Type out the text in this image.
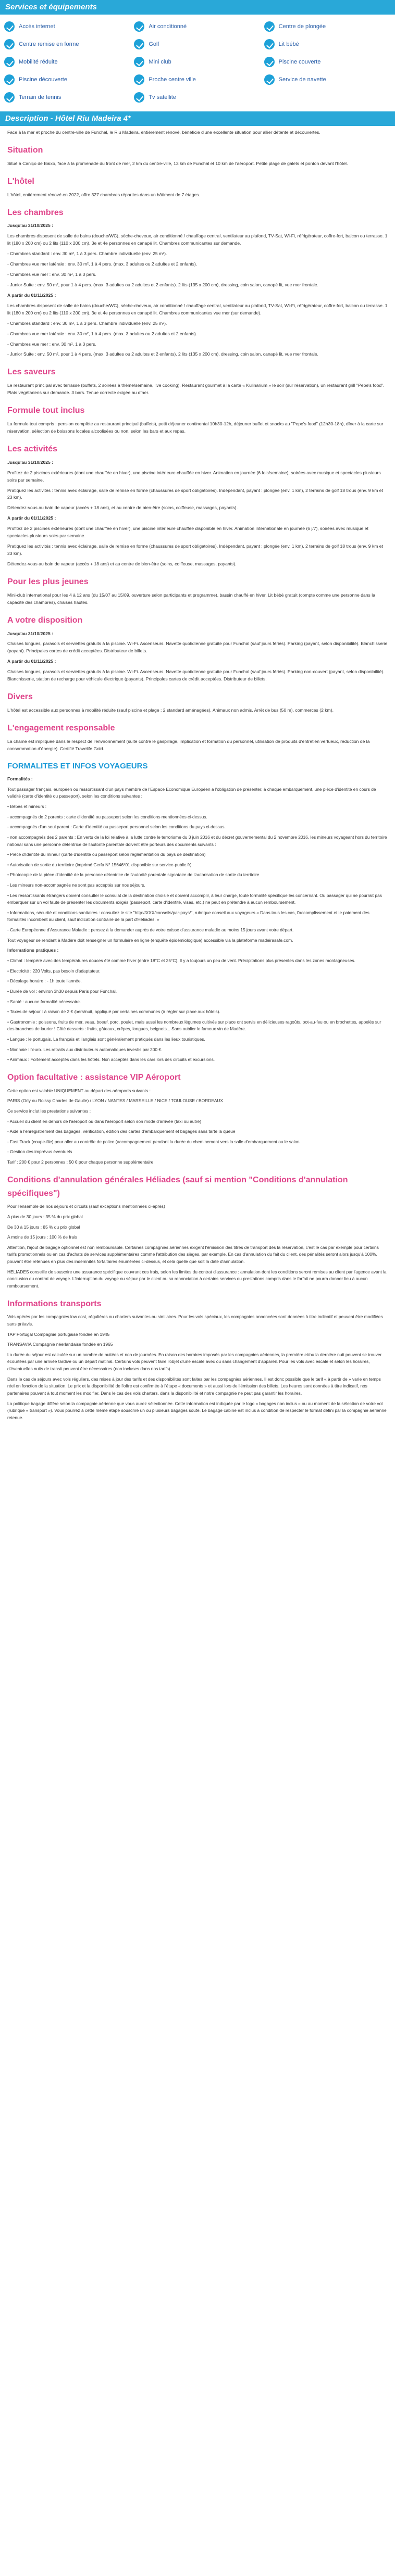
Services et équipements
Accès internet	Air conditionné	Centre de plongée
Centre remise en forme	Golf	Lit bébé
Mobilité réduite	Mini club	Piscine couverte
Piscine découverte	Proche centre ville	Service de navette
Terrain de tennis	Tv satellite
Description - Hôtel Riu Madeira 4*

Face à la mer et proche du centre-ville de Funchal, le Riu Madeira, entièrement rénové, bénéficie d'une excellente situation pour allier détente et découvertes.

Situation

Situé à Caniço de Baixo, face à la promenade du front de mer, 2 km du centre-ville, 13 km de Funchal et 10 km de l'aéroport. Petite plage de galets et ponton devant l'hôtel.

L'hôtel

L'hôtel, entièrement rénové en 2022, offre 327 chambres réparties dans un bâtiment de 7 étages.

Les chambres

Jusqu'au 31/10/2025 :

Les chambres disposent de salle de bains (douche/WC), sèche-cheveux, air conditionné / chauffage central, ventilateur au plafond, TV-Sat, Wi-Fi, réfrigérateur, coffre-fort, balcon ou terrasse. 1 lit (180 x 200 cm) ou 2 lits (110 x 200 cm). 3e et 4e personnes en canapé lit. Chambres communicantes sur demande.

- Chambres standard : env. 30 m², 1 à 3 pers. Chambre individuelle (env. 25 m²).

- Chambres vue mer latérale : env. 30 m², 1 à 4 pers. (max. 3 adultes ou 2 adultes et 2 enfants).

- Chambres vue mer : env. 30 m², 1 à 3 pers.

- Junior Suite : env. 50 m², pour 1 à 4 pers. (max. 3 adultes ou 2 adultes et 2 enfants). 2 lits (135 x 200 cm), dressing, coin salon, canapé lit, vue mer frontale.

A partir du 01/11/2025 :

Les chambres disposent de salle de bains (douche/WC), sèche-cheveux, air conditionné / chauffage central, ventilateur au plafond, TV-Sat, Wi-Fi, réfrigérateur, coffre-fort, balcon ou terrasse. 1 lit (180 x 200 cm) ou 2 lits (110 x 200 cm). 3e et 4e personnes en canapé lit. Chambres communicantes vue mer (sur demande).

- Chambres standard : env. 30 m², 1 à 3 pers. Chambre individuelle (env. 25 m²).

- Chambres vue mer latérale : env. 30 m², 1 à 4 pers. (max. 3 adultes ou 2 adultes et 2 enfants).

- Chambres vue mer : env. 30 m², 1 à 3 pers.

- Junior Suite : env. 50 m², pour 1 à 4 pers. (max. 3 adultes ou 2 adultes et 2 enfants). 2 lits (135 x 200 cm), dressing, coin salon, canapé lit, vue mer frontale.

Les saveurs

Le restaurant principal avec terrasse (buffets, 2 soirées à thème/semaine, live cooking). Restaurant gourmet à la carte « Kulinarium » le soir (sur réservation), un restaurant grill "Pepe's food". Plats végétariens sur demande. 3 bars. Tenue correcte exigée au dîner.

Formule tout inclus

La formule tout compris : pension complète au restaurant principal (buffets), petit déjeuner continental 10h30-12h, déjeuner buffet et snacks au "Pepe's food" (12h30-18h), dîner à la carte sur réservation, sélection de boissons locales alcoolisées ou non, selon les bars et aux repas.

Les activités

Jusqu'au 31/10/2025 :

Profitez de 2 piscines extérieures (dont une chauffée en hiver), une piscine intérieure chauffée en hiver. Animation en journée (6 fois/semaine), soirées avec musique et spectacles plusieurs soirs par semaine.

Pratiquez les activités : tennis avec éclairage, salle de remise en forme (chaussures de sport obligatoires). Indépendant, payant : plongée (env. 1 km), 2 terrains de golf 18 trous (env. 9 km et 23 km).

Détendez-vous au bain de vapeur (accès + 18 ans), et au centre de bien-être (soins, coiffeuse, massages, payants).

A partir du 01/11/2025 :

Profitez de 2 piscines extérieures (dont une chauffée en hiver), une piscine intérieure chauffée disponible en hiver. Animation internationale en journée (6 j/7), soirées avec musique et spectacles plusieurs soirs par semaine.

Pratiquez les activités : tennis avec éclairage, salle de remise en forme (chaussures de sport obligatoires). Indépendant, payant : plongée (env. 1 km), 2 terrains de golf 18 trous (env. 9 km et 23 km).

Détendez-vous au bain de vapeur (accès + 18 ans) et au centre de bien-être (soins, coiffeuse, massages, payants).

Pour les plus jeunes

Mini-club international pour les 4 à 12 ans (du 15/07 au 15/09, ouverture selon participants et programme), bassin chauffé en hiver. Lit bébé gratuit (compte comme une personne dans la capacité des chambres), chaises hautes.

A votre disposition

Jusqu'au 31/10/2025 :

Chaises longues, parasols et serviettes gratuits à la piscine. Wi-Fi. Ascenseurs. Navette quotidienne gratuite pour Funchal (sauf jours fériés). Parking (payant, selon disponibilité). Blanchisserie (payant). Principales cartes de crédit acceptées. Distributeur de billets.

A partir du 01/11/2025 :

Chaises longues, parasols et serviettes gratuits à la piscine. Wi-Fi. Ascenseurs. Navette quotidienne gratuite pour Funchal (sauf jours fériés). Parking non-couvert (payant, selon disponibilité). Blanchisserie, station de recharge pour véhicule électrique (payants). Principales cartes de crédit acceptées. Distributeur de billets.

Divers

L'hôtel est accessible aux personnes à mobilité réduite (sauf piscine et plage : 2 standard aménagées). Animaux non admis. Arrêt de bus (50 m), commerces (2 km).

L'engagement responsable

La chaîne est impliquée dans le respect de l'environnement (suite contre le gaspillage, implication et formation du personnel, utilisation de produits d'entretien vertueux, réduction de la consommation d'énergie). Certifié Travelife Gold.

FORMALITES ET INFOS VOYAGEURS

Formalités :

Tout passager français, européen ou ressortissant d'un pays membre de l'Espace Economique Européen a l'obligation de présenter, à chaque embarquement, une pièce d'identité en cours de validité (carte d'identité ou passeport), selon les conditions suivantes :

• Bébés et mineurs :

- accompagnés de 2 parents : carte d'identité ou passeport selon les conditions mentionnées ci-dessus.

- accompagnés d'un seul parent : Carte d'identité ou passeport personnel selon les conditions du pays ci-dessus.

- non accompagnés des 2 parents : En vertu de la loi relative à la lutte contre le terrorisme du 3 juin 2016 et du décret gouvernemental du 2 novembre 2016, les mineurs voyageant hors du territoire national sans une personne détentrice de l'autorité parentale doivent être porteurs des documents suivants :

• Pièce d'identité du mineur (carte d'identité ou passeport selon réglementation du pays de destination)

• Autorisation de sortie du territoire (imprimé Cerfa N° 15646*01 disponible sur service-public.fr)

• Photocopie de la pièce d'identité de la personne détentrice de l'autorité parentale signataire de l'autorisation de sortie du territoire

- Les mineurs non-accompagnés ne sont pas acceptés sur nos séjours.

• Les ressortissants étrangers doivent consulter le consulat de la destination choisie et doivent accomplir, à leur charge, toute formalité spécifique les concernant. Ou passager qui ne pourrait pas embarquer sur un vol faute de présenter les documents exigés (passeport, carte d'identité, visas, etc.) ne peut en prétendre à aucun remboursement.

• Informations, sécurité et conditions sanitaires : consultez le site "http://XXX/conseils/par-pays/", rubrique conseil aux voyageurs « Dans tous les cas, l'accomplissement et le paiement des formalités incombent au client, sauf indication contraire de la part d'Héliades. »

- Carte Européenne d'Assurance Maladie : pensez à la demander auprès de votre caisse d'assurance maladie au moins 15 jours avant votre départ.

Tout voyageur se rendant à Madère doit renseigner un formulaire en ligne (enquête épidémiologique) accessible via la plateforme madeirasafe.com.

Informations pratiques :

• Climat : tempéré avec des températures douces été comme hiver (entre 18°C et 25°C). Il y a toujours un peu de vent. Précipitations plus présentes dans les zones montagneuses.

• Electricité : 220 Volts, pas besoin d'adaptateur.

• Décalage horaire : - 1h toute l'année.

• Durée de vol : environ 3h30 depuis Paris pour Funchal.

• Santé : aucune formalité nécessaire.

• Taxes de séjour : à raison de 2 € /pers/nuit, appliqué par certaines communes (à régler sur place aux hôtels).

• Gastronomie : poissons, fruits de mer, veau, boeuf, porc, poulet, mais aussi les nombreux légumes cultivés sur place ont servis en délicieuses ragoûts, pot-au-feu ou en brochettes, appelés sur des branches de laurier ! Côté desserts : fruits, gâteaux, crêpes, longues, beignets... Sans oublier le fameux vin de Madère.

• Langue : le portugais. La français et l'anglais sont généralement pratiqués dans les lieux touristiques.

• Monnaie : l'euro. Les retraits aux distributeurs automatiques investis par 200 €.

• Animaux : Fortement acceptés dans les hôtels. Non acceptés dans les cars lors des circuits et excursions.

Option facultative : assistance VIP Aéroport

Cette option est valable UNIQUEMENT au départ des aéroports suivants :

PARIS (Orly ou Roissy Charles de Gaulle) / LYON / NANTES / MARSEILLE / NICE / TOULOUSE / BORDEAUX

Ce service inclut les prestations suivantes :

- Accueil du client en dehors de l'aéroport ou dans l'aéroport selon son mode d'arrivée (taxi ou autre)

- Aide à l'enregistrement des bagages, vérification, édition des cartes d'embarquement et bagages sans tarte la queue

- Fast Track (coupe-file) pour aller au contrôle de police (accompagnement pendant la durée du cheminement vers la salle d'embarquement ou le salon

- Gestion des imprévus éventuels

Tarif : 200 € pour 2 personnes ; 50 € pour chaque personne supplémentaire

Conditions d'annulation générales Héliades (sauf si mention "Conditions d'annulation spécifiques")

Pour l'ensemble de nos séjours et circuits (sauf exceptions mentionnées ci-après)

A plus de 30 jours : 35 % du prix global

De 30 à 15 jours : 85 % du prix global

A moins de 15 jours : 100 % de frais

Attention, l'ajout de bagage optionnel est non remboursable. Certaines compagnies aériennes exigent l'émission des titres de transport dès la réservation, c'est le cas par exemple pour certains tarifs promotionnels ou en cas d'achats de services supplémentaires comme l'attribution des sièges, par exemple. En cas d'annulation du fait du client, des pénalités seront alors jusqu'à 100%, pouvant être retenues en plus des indemnités forfaitaires énumérées ci-dessus, et cela quelle que soit la date d'annulation.

HELIADES conseille de souscrire une assurance spécifique couvrant ces frais, selon les limites du contrat d'assurance : annulation dont les conditions seront remises au client par l'agence avant la conclusion du contrat de voyage. L'interruption du voyage ou séjour par le client ou sa renonciation à certains services ou prestations compris dans le forfait ne pourra donner lieu à aucun remboursement.

Informations transports

Vols opérés par les compagnies low cost, régulières ou charters suivantes ou similaires. Pour les vols spéciaux, les compagnies annoncées sont données à titre indicatif et peuvent être modifiées sans préavis.

TAP Portugal Compagnie portugaise fondée en 1945

TRANSAVIA Compagnie néerlandaise fondée en 1965

La durée du séjour est calculée sur un nombre de nuitées et non de journées. En raison des horaires imposés par les compagnies aériennes, la première et/ou la dernière nuit peuvent se trouver écourtées par une arrivée tardive ou un départ matinal. Certains vols peuvent faire l'objet d'une escale avec ou sans changement d'appareil. Pour les vols avec escale et selon les horaires, d'éventuelles nuits de transit peuvent être nécessaires (non incluses dans nos tarifs).

Dans le cas de séjours avec vols réguliers, des mises à jour des tarifs et des disponibilités sont faites par les compagnies aériennes. Il est donc possible que le tarif « à partir de » varie en temps réel en fonction de la situation. Le prix et la disponibilité de l'offre est confirmée à l'étape « documents » et aussi lors de l'émission des billets. Les heures sont données à titre indicatif, nos partenaires pouvant à tout moment les modifier. Dans le cas des vols charters, dans la disponibilité et notre compagnie ne peut pas garantir les horaires.

La politique bagage diffère selon la compagnie aérienne que vous aurez sélectionnée. Cette information est indiquée par le logo « bagages non inclus » ou au moment de la sélection de votre vol (rubrique « transport »). Vous pourrez à cette même étape souscrire un ou plusieurs bagages soute. Le bagage cabine est inclus à condition de respecter le format défini par la compagnie aérienne retenue.
